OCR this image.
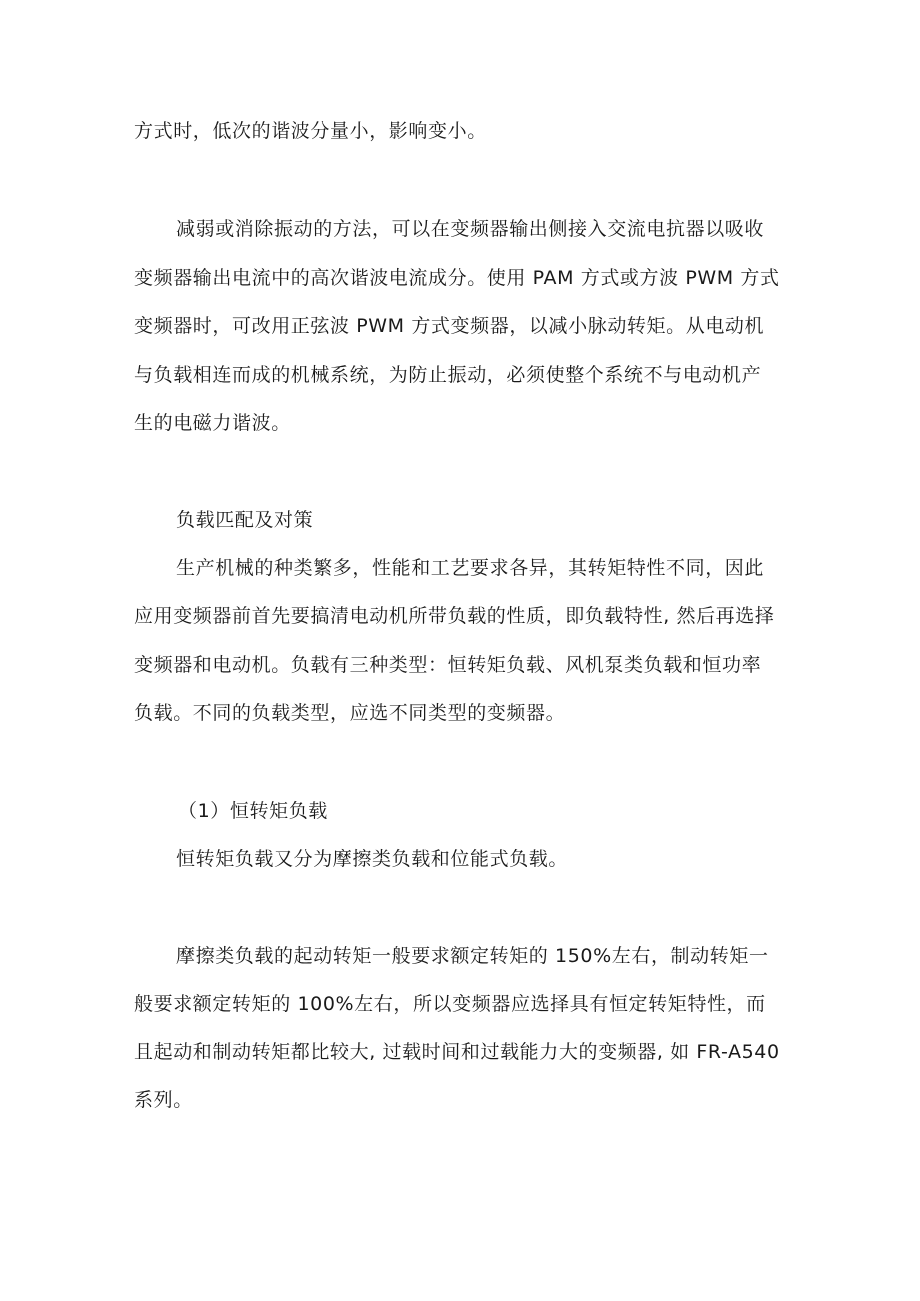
方式时，低次的谐波分量小，影响变小。
减弱或消除振动的方法，可以在变频器输出侧接入交流电抗器以吸收
变频器输出电流中的高次谐波电流成分。使用 PAM 方式或方波 PWM 方式
变频器时，可改用正弦波 PWM 方式变频器，以减小脉动转矩。从电动机
与负载相连而成的机械系统，为防止振动，必须使整个系统不与电动机产
生的电磁力谐波。
负载匹配及对策
生产机械的种类繁多，性能和工艺要求各异，其转矩特性不同，因此
应用变频器前首先要搞清电动机所带负载的性质，即负载特性, 然后再选择
变频器和电动机。负载有三种类型：恒转矩负载、风机泵类负载和恒功率
负载。不同的负载类型，应选不同类型的变频器。
（1）恒转矩负载
恒转矩负载又分为摩擦类负载和位能式负载。
摩擦类负载的起动转矩一般要求额定转矩的 150%左右，制动转矩一
般要求额定转矩的 100%左右，所以变频器应选择具有恒定转矩特性，而
且起动和制动转矩都比较大, 过载时间和过载能力大的变频器, 如 FR-A540
系列。
